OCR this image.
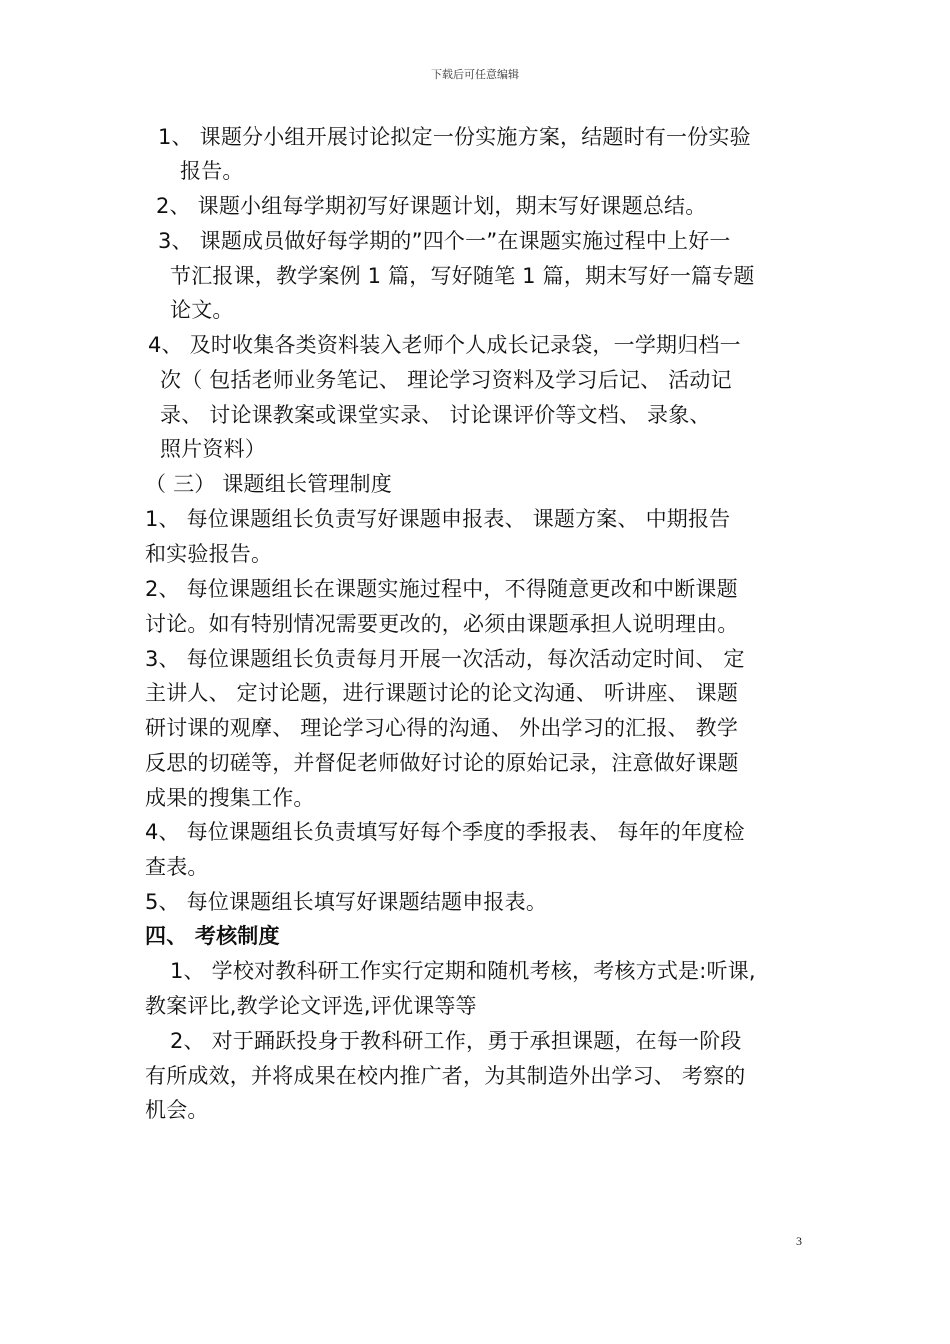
下载后可任意编辑
1、 课题分小组开展讨论拟定一份实施方案，结题时有一份实验
报告。
2、 课题小组每学期初写好课题计划，期末写好课题总结。
3、 课题成员做好每学期的”四个一”在课题实施过程中上好一
节汇报课，教学案例 1 篇，写好随笔 1 篇，期末写好一篇专题
论文。
4、 及时收集各类资料装入老师个人成长记录袋，一学期归档一
次（ 包括老师业务笔记、 理论学习资料及学习后记、 活动记
录、 讨论课教案或课堂实录、 讨论课评价等文档、 录象、
照片资料）
（ 三） 课题组长管理制度
1、 每位课题组长负责写好课题申报表、 课题方案、 中期报告
和实验报告。
2、 每位课题组长在课题实施过程中，不得随意更改和中断课题
讨论。如有特别情况需要更改的，必须由课题承担人说明理由。
3、 每位课题组长负责每月开展一次活动，每次活动定时间、 定
主讲人、 定讨论题，进行课题讨论的论文沟通、 听讲座、 课题
研讨课的观摩、 理论学习心得的沟通、 外出学习的汇报、 教学
反思的切磋等，并督促老师做好讨论的原始记录，注意做好课题
成果的搜集工作。
4、 每位课题组长负责填写好每个季度的季报表、 每年的年度检
查表。
5、 每位课题组长填写好课题结题申报表。
四、 考核制度
1、 学校对教科研工作实行定期和随机考核，考核方式是:听课,
教案评比,教学论文评选,评优课等等
2、 对于踊跃投身于教科研工作，勇于承担课题，在每一阶段
有所成效，并将成果在校内推广者，为其制造外出学习、 考察的
机会。
3
